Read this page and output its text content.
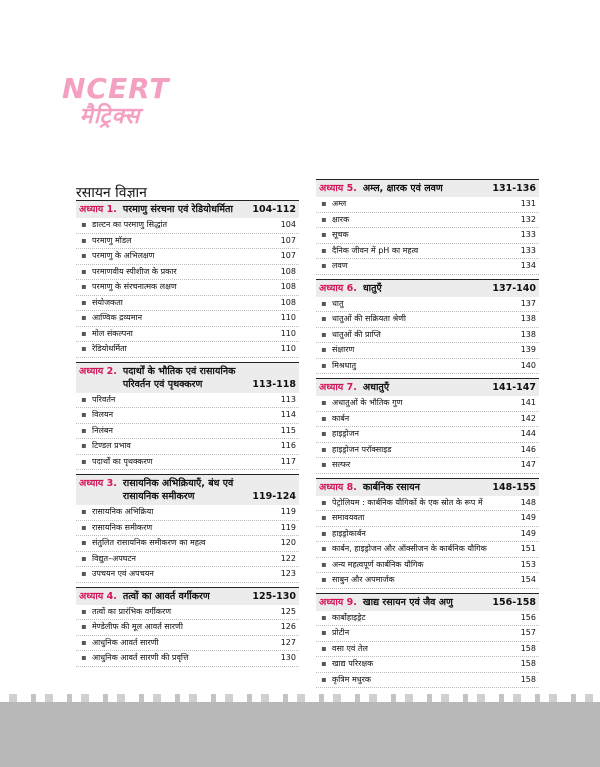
NCERT
मैट्रिक्स
रसायन विज्ञान
अध्याय 1. परमाणु संरचना एवं रेडियोधर्मिता	104-112
▪ डाल्टन का परमाणु सिद्धांत	104
▪ परमाणु मॉडल	107
▪ परमाणु के अभिलक्षण	107
▪ परमाणवीय स्पीशीज के प्रकार	108
▪ परमाणु के संरचनात्मक लक्षण	108
▪ संयोजकता	108
▪ आण्विक द्रव्यमान	110
▪ मोल संकल्पना	110
▪ रेडियोधर्मिता	110
अध्याय 2. पदार्थों के भौतिक एवं रासायनिक परिवर्तन एवं पृथक्करण	113-118
▪ परिवर्तन	113
▪ विलयन	114
▪ निलंबन	115
▪ टिण्डल प्रभाव	116
▪ पदार्थों का पृथक्करण	117
अध्याय 3. रासायनिक अभिक्रियाएँ, बंध एवं रासायनिक समीकरण	119-124
▪ रासायनिक अभिक्रिया	119
▪ रासायनिक समीकरण	119
▪ संतुलित रासायनिक समीकरण का महत्व	120
▪ विद्युत–अपघटन	122
▪ उपचयन एवं अपचयन	123
अध्याय 4. तत्वों का आवर्त वर्गीकरण	125-130
▪ तत्वों का प्रारंभिक वर्गीकरण	125
▪ मेण्डेलीफ की मूल आवर्त सारणी	126
▪ आधुनिक आवर्त सारणी	127
▪ आधुनिक आवर्त सारणी की प्रवृत्ति	130
अध्याय 5. अम्ल, क्षारक एवं लवण	131-136
▪ अम्ल	131
▪ क्षारक	132
▪ सूचक	133
▪ दैनिक जीवन में pH का महत्व	133
▪ लवण	134
अध्याय 6. धातुएँ	137-140
▪ धातु	137
▪ धातुओं की सक्रियता श्रेणी	138
▪ धातुओं की प्राप्ति	138
▪ संक्षारण	139
▪ मिश्रधातु	140
अध्याय 7. अधातुएँ	141-147
▪ अधातुओं के भौतिक गुण	141
▪ कार्बन	142
▪ हाइड्रोजन	144
▪ हाइड्रोजन परॉक्साइड	146
▪ सल्फर	147
अध्याय 8. कार्बनिक रसायन	148-155
▪ पेट्रोलियम : कार्बनिक यौगिकों के एक स्रोत के रूप में	148
▪ समावयवता	149
▪ हाइड्रोकार्बन	149
▪ कार्बन, हाइड्रोजन और ऑक्सीजन के कार्बनिक यौगिक	151
▪ अन्य महत्वपूर्ण कार्बनिक यौगिक	153
▪ साबुन और अपमार्जक	154
अध्याय 9. खाद्य रसायन एवं जैव अणु	156-158
▪ कार्बोहाइड्रेट	156
▪ प्रोटीन	157
▪ वसा एवं तेल	158
▪ खाद्य परिरक्षक	158
▪ कृत्रिम मधुरक	158
